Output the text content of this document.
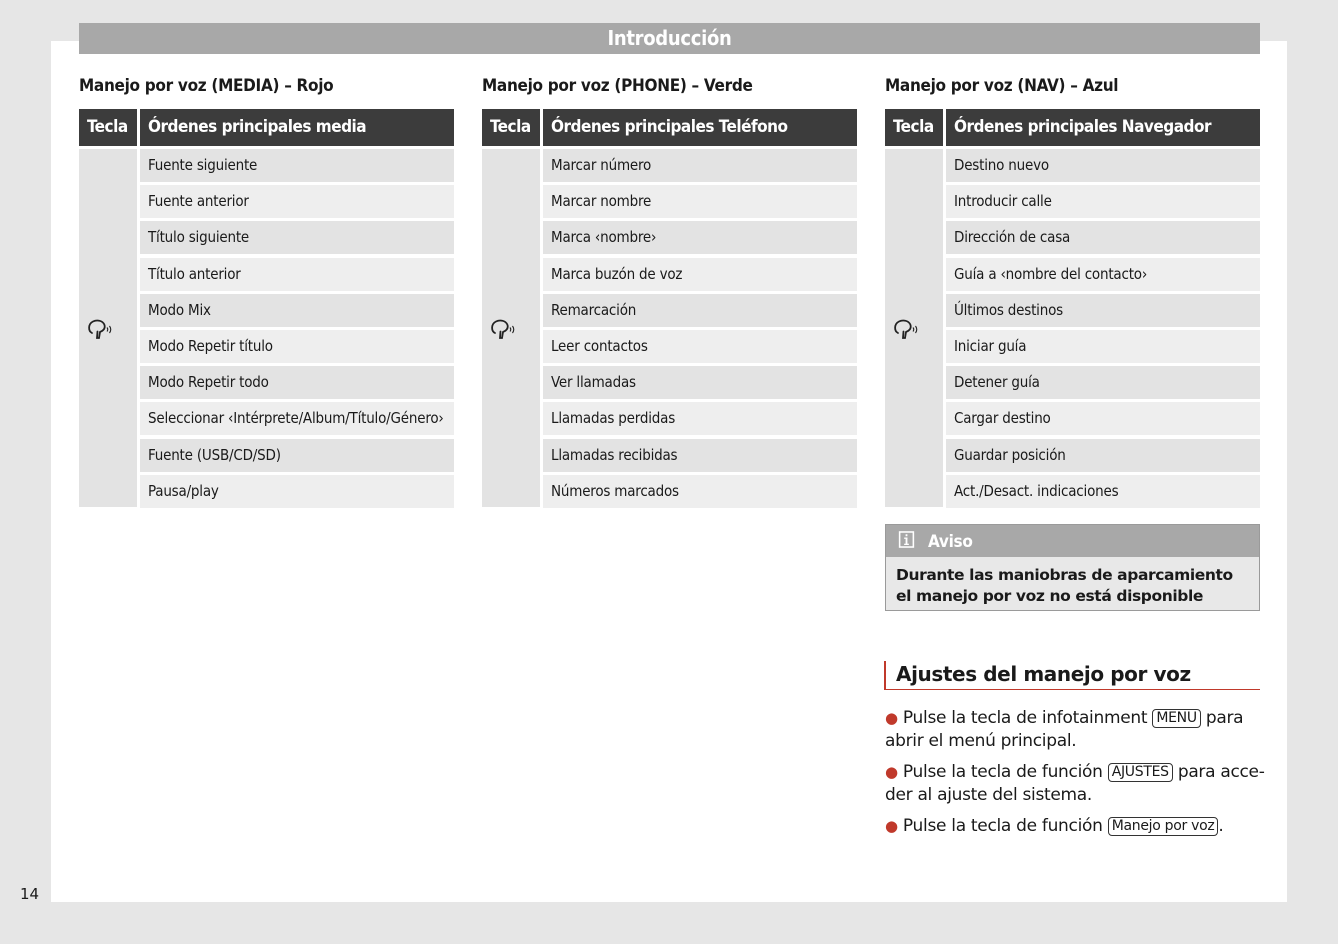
Introducción
14
Manejo por voz (MEDIA) – Rojo
Tecla	Órdenes principales media
Fuente siguiente
Fuente anterior
Título siguiente
Título anterior
Modo Mix
Modo Repetir título
Modo Repetir todo
Seleccionar ‹Intérprete/Album/Título/Género›
Fuente (USB/CD/SD)
Pausa/play
Manejo por voz (PHONE) – Verde
Tecla	Órdenes principales Teléfono
Marcar número
Marcar nombre
Marca ‹nombre›
Marca buzón de voz
Remarcación
Leer contactos
Ver llamadas
Llamadas perdidas
Llamadas recibidas
Números marcados
Manejo por voz (NAV) – Azul
Tecla	Órdenes principales Navegador
Destino nuevo
Introducir calle
Dirección de casa
Guía a ‹nombre del contacto›
Últimos destinos
Iniciar guía
Detener guía
Cargar destino
Guardar posición
Act./Desact. indicaciones
Aviso
Durante las maniobras de aparcamiento el manejo por voz no está disponible
Ajustes del manejo por voz
● Pulse la tecla de infotainment MENU para abrir el menú principal.
● Pulse la tecla de función AJUSTES para acce- der al ajuste del sistema.
● Pulse la tecla de función Manejo por voz .
